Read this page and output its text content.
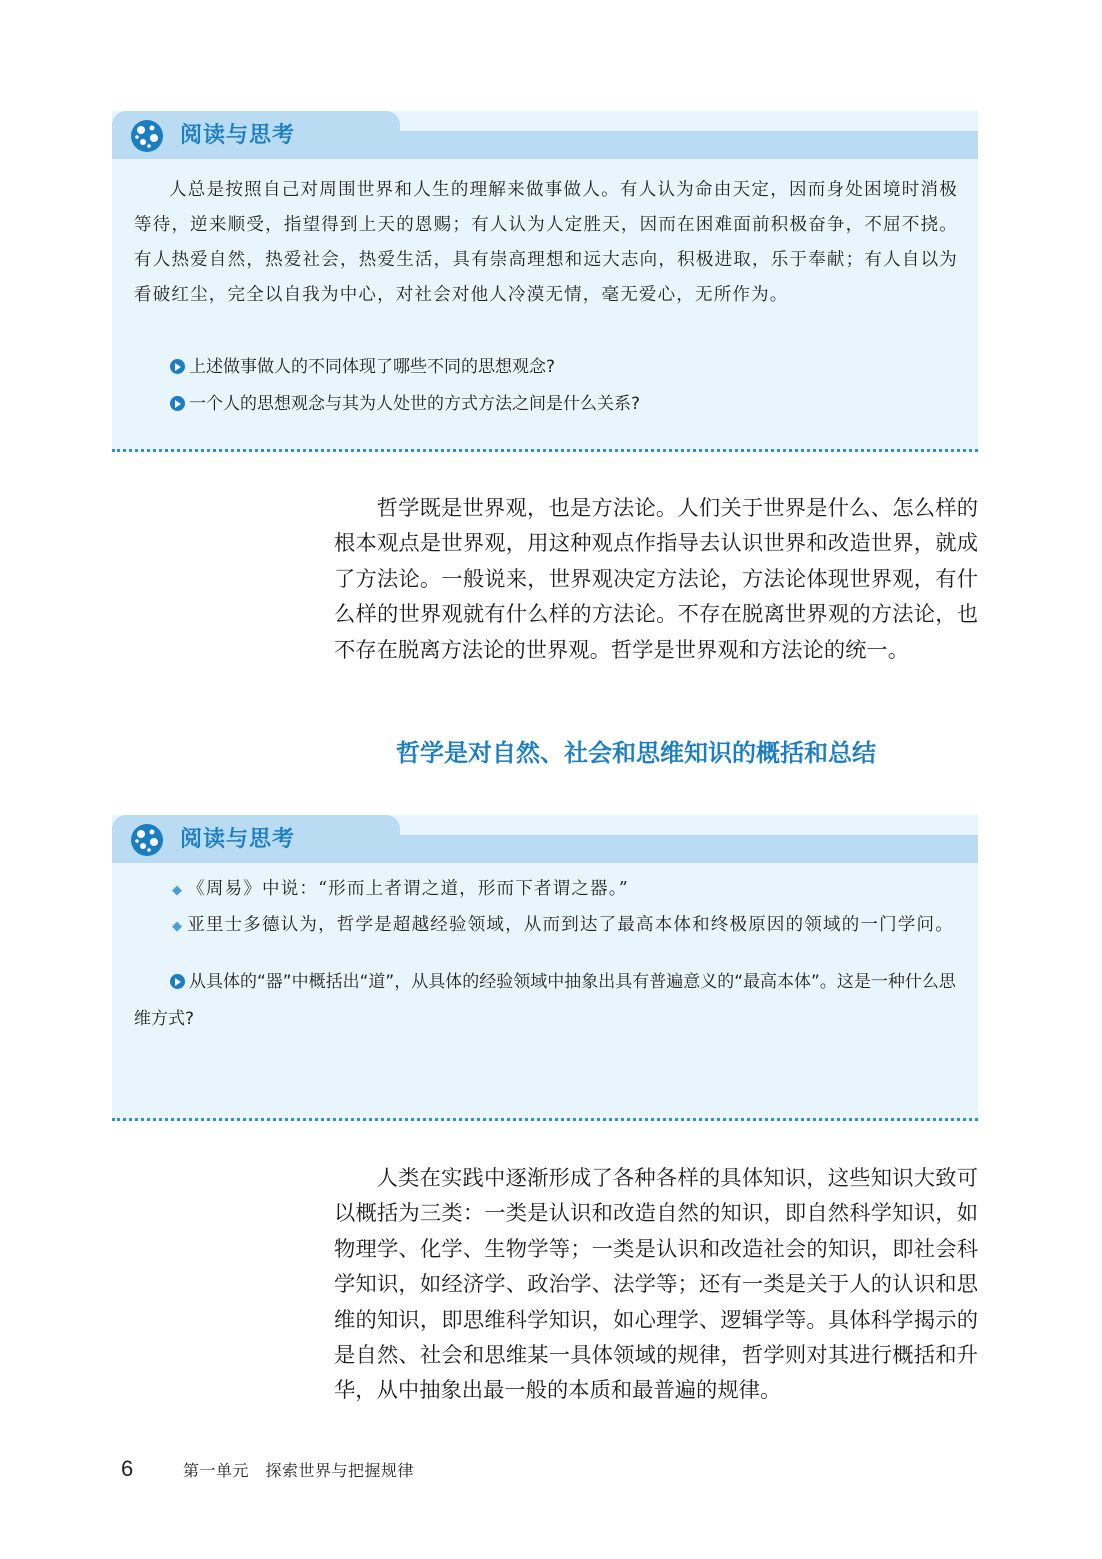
阅读与思考

人总是按照自己对周围世界和人生的理解来做事做人。有人认为命由天定，因而身处困境时消极等待，逆来顺受，指望得到上天的恩赐；有人认为人定胜天，因而在困难面前积极奋争，不屈不挠。有人热爱自然，热爱社会，热爱生活，具有崇高理想和远大志向，积极进取，乐于奉献；有人自以为看破红尘，完全以自我为中心，对社会对他人冷漠无情，毫无爱心，无所作为。

上述做事做人的不同体现了哪些不同的思想观念?

一个人的思想观念与其为人处世的方式方法之间是什么关系?

哲学既是世界观，也是方法论。人们关于世界是什么、怎么样的根本观点是世界观，用这种观点作指导去认识世界和改造世界，就成了方法论。一般说来，世界观决定方法论，方法论体现世界观，有什么样的世界观就有什么样的方法论。不存在脱离世界观的方法论，也不存在脱离方法论的世界观。哲学是世界观和方法论的统一。

哲学是对自然、社会和思维知识的概括和总结
阅读与思考

◆ 《周易》中说：“形而上者谓之道，形而下者谓之器。”

◆ 亚里士多德认为，哲学是超越经验领域，从而到达了最高本体和终极原因的领域的一门学问。

从具体的“器”中概括出“道”，从具体的经验领域中抽象出具有普遍意义的“最高本体”。这是一种什么思维方式?

人类在实践中逐渐形成了各种各样的具体知识，这些知识大致可以概括为三类：一类是认识和改造自然的知识，即自然科学知识，如物理学、化学、生物学等；一类是认识和改造社会的知识，即社会科学知识，如经济学、政治学、法学等；还有一类是关于人的认识和思维的知识，即思维科学知识，如心理学、逻辑学等。具体科学揭示的是自然、社会和思维某一具体领域的规律，哲学则对其进行概括和升华，从中抽象出最一般的本质和最普遍的规律。

6	第一单元　探索世界与把握规律
